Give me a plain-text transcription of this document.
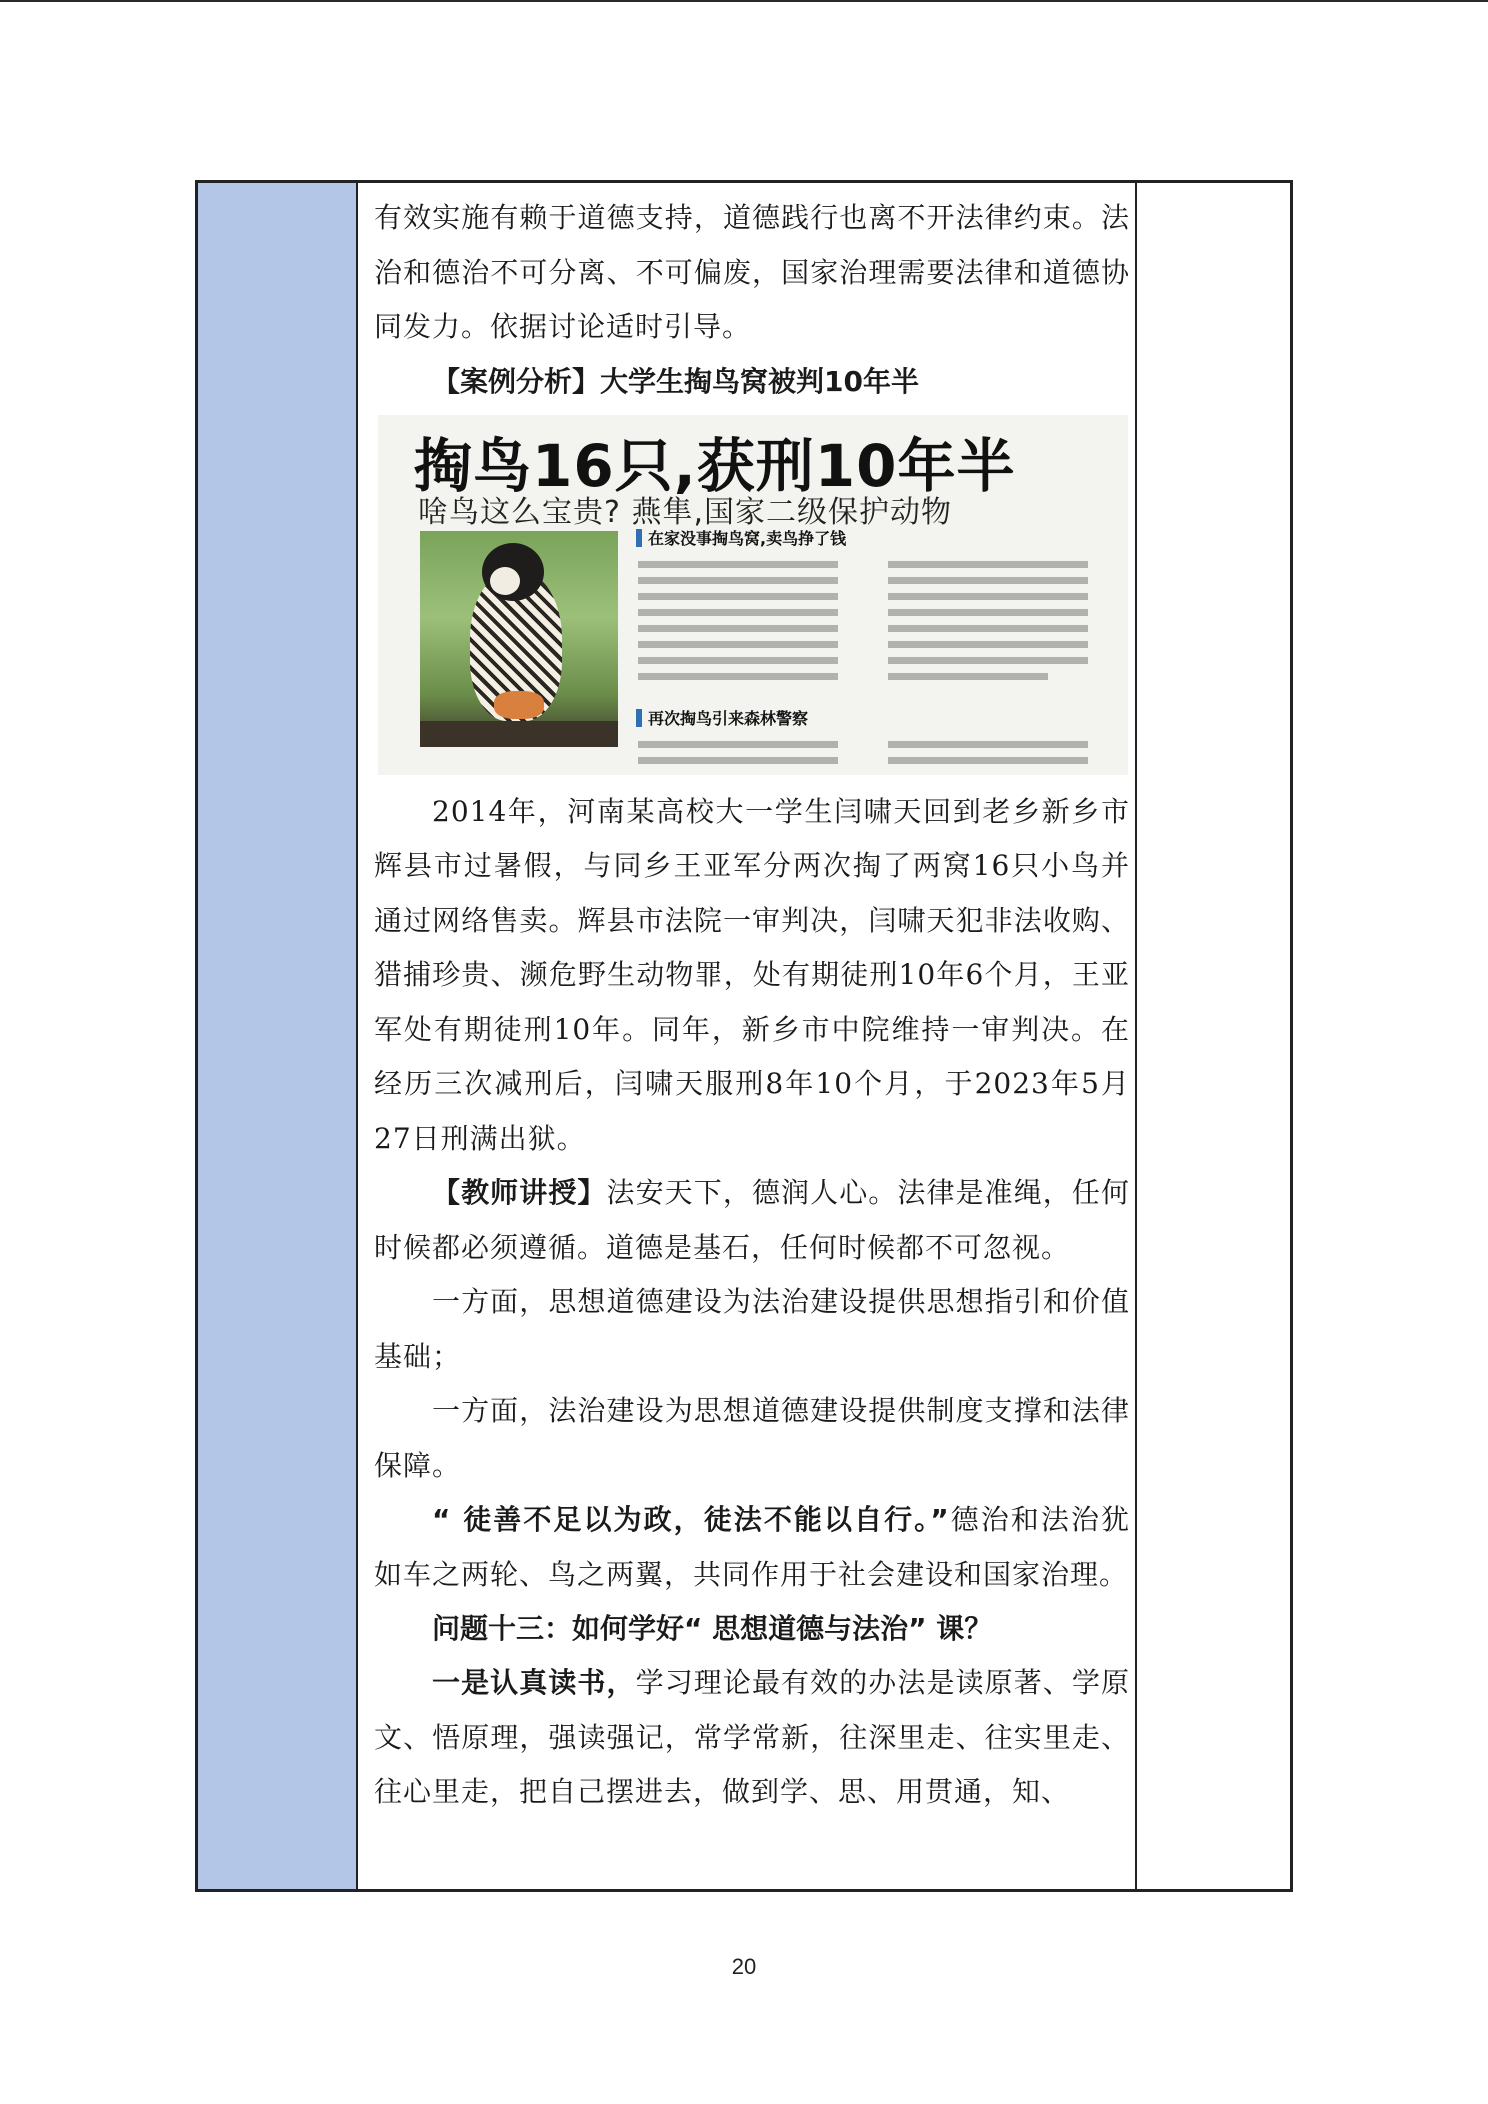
有效实施有赖于道德支持，道德践行也离不开法律约束。法治和德治不可分离、不可偏废，国家治理需要法律和道德协同发力。依据讨论适时引导。

【案例分析】大学生掏鸟窝被判10年半

掏鸟16只,获刑10年半
啥鸟这么宝贵? 燕隼,国家二级保护动物
在家没事掏鸟窝,卖鸟挣了钱
再次掏鸟引来森林警察

2014年，河南某高校大一学生闫啸天回到老乡新乡市辉县市过暑假，与同乡王亚军分两次掏了两窝16只小鸟并通过网络售卖。辉县市法院一审判决，闫啸天犯非法收购、猎捕珍贵、濒危野生动物罪，处有期徒刑10年6个月，王亚军处有期徒刑10年。同年，新乡市中院维持一审判决。在经历三次减刑后，闫啸天服刑8年10个月，于2023年5月27日刑满出狱。

【教师讲授】法安天下，德润人心。法律是准绳，任何时候都必须遵循。道德是基石，任何时候都不可忽视。

一方面，思想道德建设为法治建设提供思想指引和价值基础；

一方面，法治建设为思想道德建设提供制度支撑和法律保障。

“ 徒善不足以为政，徒法不能以自行。”德治和法治犹如车之两轮、鸟之两翼，共同作用于社会建设和国家治理。

问题十三：如何学好“ 思想道德与法治” 课？

一是认真读书，学习理论最有效的办法是读原著、学原文、悟原理，强读强记，常学常新，往深里走、往实里走、往心里走，把自己摆进去，做到学、思、用贯通，知、

20
